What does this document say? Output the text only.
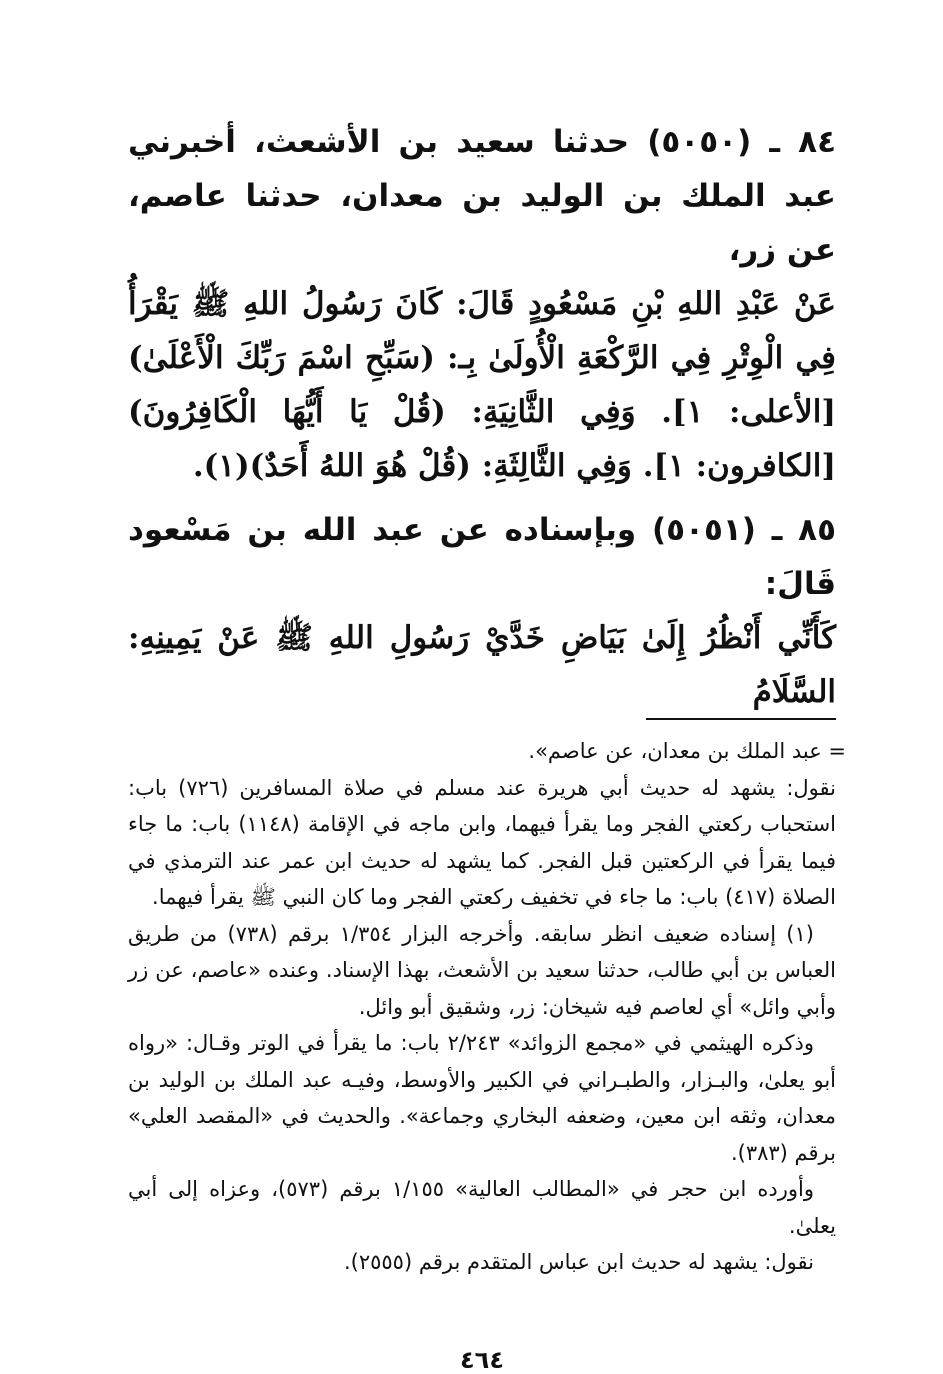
٨٤ ـ (٥٠٥٠) حدثنا سعيد بن الأشعث، أخبرني عبد الملك بن الوليد بن معدان، حدثنا عاصم، عن زر،

عَنْ عَبْدِ اللهِ بْنِ مَسْعُودٍ قَالَ: كَانَ رَسُولُ اللهِ ﷺ يَقْرَأُ فِي الْوِتْرِ فِي الرَّكْعَةِ الْأُولَىٰ بِـ: (سَبِّحِ اسْمَ رَبِّكَ الْأَعْلَىٰ) [الأعلى: ١]. وَفِي الثَّانِيَةِ: (قُلْ يَا أَيُّهَا الْكَافِرُونَ) [الكافرون: ١]. وَفِي الثَّالِثَةِ: (قُلْ هُوَ اللهُ أَحَدٌ)(١).

٨٥ ـ (٥٠٥١) وبإسناده عن عبد الله بن مَسْعود قَالَ:

كَأَنِّي أَنْظُرُ إِلَىٰ بَيَاضِ خَدَّيْ رَسُولِ اللهِ ﷺ عَنْ يَمِينِهِ: السَّلَامُ

= عبد الملك بن معدان، عن عاصم».

نقول: يشهد له حديث أبي هريرة عند مسلم في صلاة المسافرين (٧٢٦) باب: استحباب ركعتي الفجر وما يقرأ فيهما، وابن ماجه في الإقامة (١١٤٨) باب: ما جاء فيما يقرأ في الركعتين قبل الفجر. كما يشهد له حديث ابن عمر عند الترمذي في الصلاة (٤١٧) باب: ما جاء في تخفيف ركعتي الفجر وما كان النبي ﷺ يقرأ فيهما.

(١) إسناده ضعيف انظر سابقه. وأخرجه البزار ١/٣٥٤ برقم (٧٣٨) من طريق العباس بن أبي طالب، حدثنا سعيد بن الأشعث، بهذا الإسناد. وعنده «عاصم، عن زر وأبي وائل» أي لعاصم فيه شيخان: زر، وشقيق أبو وائل.

وذكره الهيثمي في «مجمع الزوائد» ٢/٢٤٣ باب: ما يقرأ في الوتر وقـال: «رواه أبو يعلىٰ، والبـزار، والطبـراني في الكبير والأوسط، وفيـه عبد الملك بن الوليد بن معدان، وثقه ابن معين، وضعفه البخاري وجماعة». والحديث في «المقصد العلي» برقم (٣٨٣).

وأورده ابن حجر في «المطالب العالية» ١/١٥٥ برقم (٥٧٣)، وعزاه إلى أبي يعلىٰ.

نقول: يشهد له حديث ابن عباس المتقدم برقم (٢٥٥٥).

٤٦٤
